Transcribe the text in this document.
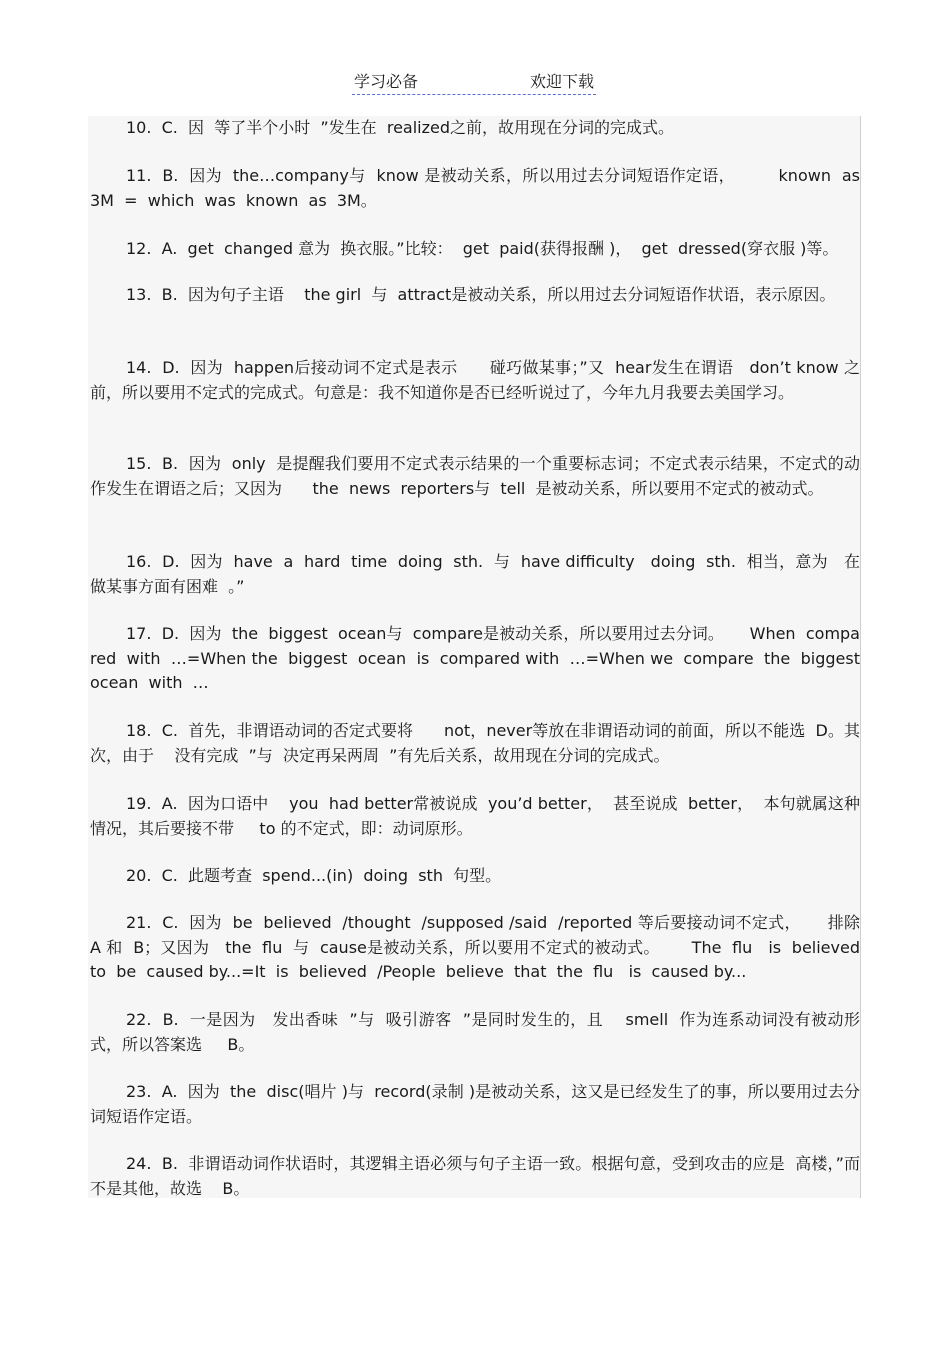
学习必备	欢迎下载

10.  C.  因  等了半个小时  ”发生在  realized之前，故用现在分词的完成式。

11.  B.  因为  the…company与  know 是被动关系，所以用过去分词短语作定语，        known  as  3M  =  which  was  known  as  3M。

12.  A.  get  changed 意为  换衣服。”比较：  get  paid(获得报酬 )，  get  dressed(穿衣服 )等。

13.  B.  因为句子主语    the girl  与  attract是被动关系，所以用过去分词短语作状语，表示原因。

14.  D.  因为  happen后接动词不定式是表示      碰巧做某事；”又  hear发生在谓语   don’t know 之前，所以要用不定式的完成式。句意是：我不知道你是否已经听说过了，今年九月我要去美国学习。

15.  B.  因为  only  是提醒我们要用不定式表示结果的一个重要标志词；不定式表示结果，不定式的动作发生在谓语之后；又因为      the  news  reporters与  tell  是被动关系，所以要用不定式的被动式。

16.  D.  因为  have  a  hard  time  doing  sth.  与  have difficulty   doing  sth.  相当，意为   在做某事方面有困难  。”

17.  D.  因为  the  biggest  ocean与  compare是被动关系，所以要用过去分词。     When  compared  with  …=When the  biggest  ocean  is  compared with  …=When we  compare  the  biggest  ocean  with  …

18.  C.  首先，非谓语动词的否定式要将      not，never等放在非谓语动词的前面，所以不能选  D。其次，由于    没有完成  ”与  决定再呆两周  ”有先后关系，故用现在分词的完成式。

19.  A.  因为口语中    you  had better常被说成  you’d better，  甚至说成  better，  本句就属这种情况，其后要接不带     to 的不定式，即：动词原形。

20.  C.  此题考查  spend...(in)  doing  sth  句型。

21.  C.  因为  be  believed  /thought  /supposed /said  /reported 等后要接动词不定式，     排除  A 和  B；又因为   the  flu  与  cause是被动关系，所以要用不定式的被动式。      The  flu   is  believed  to  be  caused by...=It  is  believed  /People  believe  that  the  flu   is  caused by...

22.  B.  一是因为   发出香味  ”与  吸引游客  ”是同时发生的，且    smell  作为连系动词没有被动形式，所以答案选     B。

23.  A.  因为  the  disc(唱片 )与  record(录制 )是被动关系，这又是已经发生了的事，所以要用过去分词短语作定语。

24.  B.  非谓语动词作状语时，其逻辑主语必须与句子主语一致。根据句意，受到攻击的应是  高楼，”而不是其他，故选    B。
